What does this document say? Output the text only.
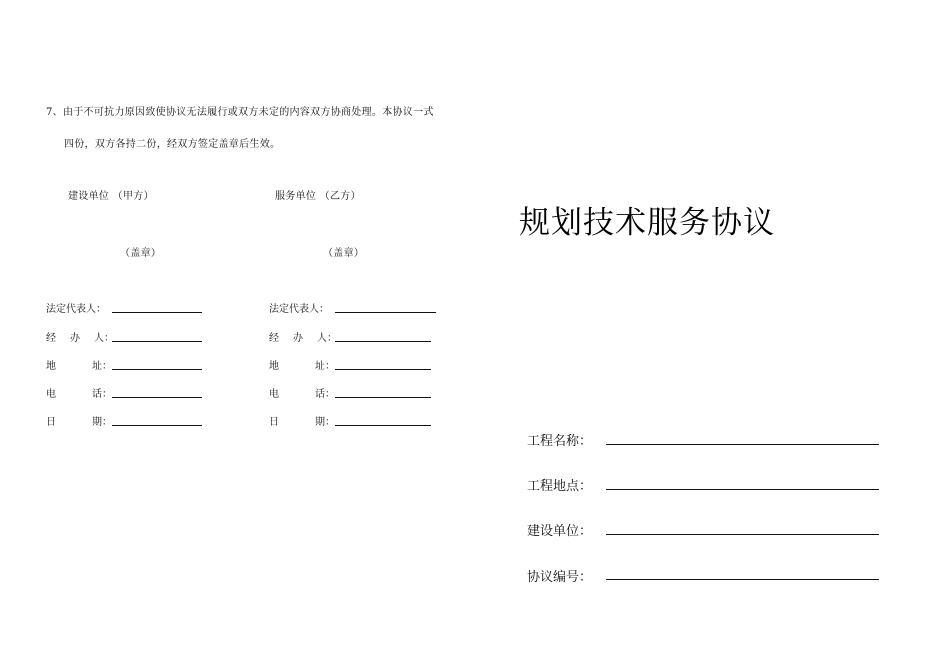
7、由于不可抗力原因致使协议无法履行或双方未定的内容双方协商处理。本协议一式
四份，双方各持二份，经双方签定盖章后生效。
建设单位 （甲方）	服务单位 （乙方）
（盖章）	（盖章）
法定代表人：
经办人：
地址：
电话：
日期：
法定代表人：
经办人：
地址：
电话：
日期：
规划技术服务协议
工程名称：
工程地点：
建设单位：
协议编号：
